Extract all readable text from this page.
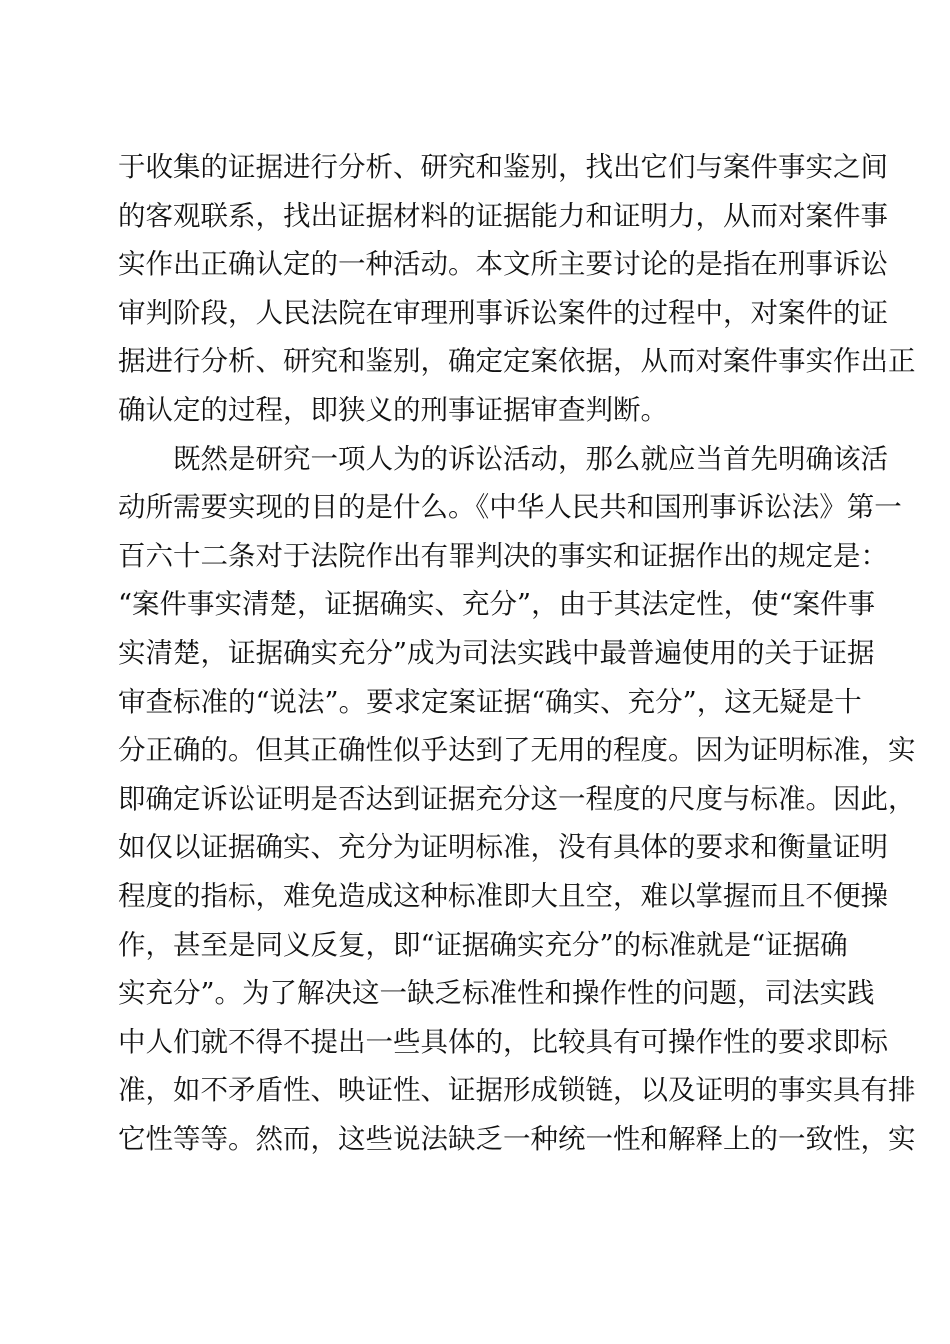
于收集的证据进行分析、研究和鉴别，找出它们与案件事实之间
的客观联系，找出证据材料的证据能力和证明力，从而对案件事
实作出正确认定的一种活动。本文所主要讨论的是指在刑事诉讼
审判阶段，人民法院在审理刑事诉讼案件的过程中，对案件的证
据进行分析、研究和鉴别，确定定案依据，从而对案件事实作出正
确认定的过程，即狭义的刑事证据审查判断。
既然是研究一项人为的诉讼活动，那么就应当首先明确该活
动所需要实现的目的是什么。《中华人民共和国刑事诉讼法》第一
百六十二条对于法院作出有罪判决的事实和证据作出的规定是：
“案件事实清楚，证据确实、充分”，由于其法定性，使“案件事
实清楚，证据确实充分”成为司法实践中最普遍使用的关于证据
审查标准的“说法”。要求定案证据“确实、充分”，这无疑是十
分正确的。但其正确性似乎达到了无用的程度。因为证明标准，实
即确定诉讼证明是否达到证据充分这一程度的尺度与标准。因此，
如仅以证据确实、充分为证明标准，没有具体的要求和衡量证明
程度的指标，难免造成这种标准即大且空，难以掌握而且不便操
作，甚至是同义反复，即“证据确实充分”的标准就是“证据确
实充分”。为了解决这一缺乏标准性和操作性的问题，司法实践
中人们就不得不提出一些具体的，比较具有可操作性的要求即标
准，如不矛盾性、映证性、证据形成锁链，以及证明的事实具有排
它性等等。然而，这些说法缺乏一种统一性和解释上的一致性，实
